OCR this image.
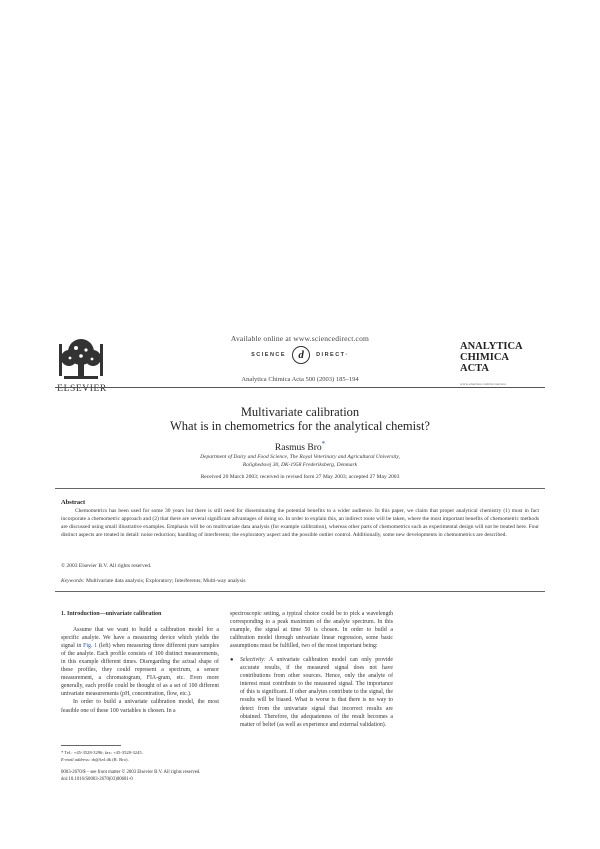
ELSEVIER
Available online at www.sciencedirect.com
SCIENCE	d	DIRECT·
Analytica Chimica Acta 500 (2003) 185–194
ANALYTICA
CHIMICA
ACTA
www.elsevier.com/locate/aca
Multivariate calibration
What is in chemometrics for the analytical chemist?
Rasmus Bro*
Department of Dairy and Food Science, The Royal Veterinary and Agricultural University,
Rolighedsvej 30, DK-1958 Frederiksberg, Denmark
Received 20 March 2003; received in revised form 27 May 2003; accepted 27 May 2003
Abstract
Chemometrics has been used for some 30 years but there is still need for disseminating the potential benefits to a wider audience. In this paper, we claim that proper analytical chemistry (1) must in fact incorporate a chemometric approach and (2) that there are several significant advantages of doing so. In order to explain this, an indirect route will be taken, where the most important benefits of chemometric methods are discussed using small illustrative examples. Emphasis will be on multivariate data analysis (for example calibration), whereas other parts of chemometrics such as experimental design will not be treated here. Four distinct aspects are treated in detail: noise reduction; handling of interferents; the exploratory aspect and the possible outlier control. Additionally, some new developments in chemometrics are described.
© 2003 Elsevier B.V. All rights reserved.
Keywords: Multivariate data analysis; Exploratory; Interferents; Multi-way analysis
1. Introduction—univariate calibration

Assume that we want to build a calibration model for a specific analyte. We have a measuring device which yields the signal in Fig. 1 (left) when measuring three different pure samples of the analyte. Each profile consists of 100 distinct measurements, in this example different times. Disregarding the actual shape of these profiles, they could represent a spectrum, a sensor measurement, a chromatogram, FIA-gram, etc. Even more generally, each profile could be thought of as a set of 100 different univariate measurements (pH, concentration, flow, etc.).

In order to build a univariate calibration model, the most feasible one of these 100 variables is chosen. In a

spectroscopic setting, a typical choice could be to pick a wavelength corresponding to a peak maximum of the analyte spectrum. In this example, the signal at time 50 is chosen. In order to build a calibration model through univariate linear regression, some basic assumptions must be fulfilled, two of the most important being:

●	Selectivity: A univariate calibration model can only provide accurate results, if the measured signal does not have contributions from other sources. Hence, only the analyte of interest must contribute to the measured signal. The importance of this is significant. If other analytes contribute to the signal, the results will be biased. What is worse is that there is no way to detect from the univariate signal that incorrect results are obtained. Therefore, the adequateness of the result becomes a matter of belief (as well as experience and external validation).
* Tel.: +45-3528-3296; fax: +45-3528-3245.
E-mail address: rb@kvl.dk (R. Bro).
0003-2670/$ – see front matter © 2003 Elsevier B.V. All rights reserved.
doi:10.1016/S0003-2670(03)00681-0
